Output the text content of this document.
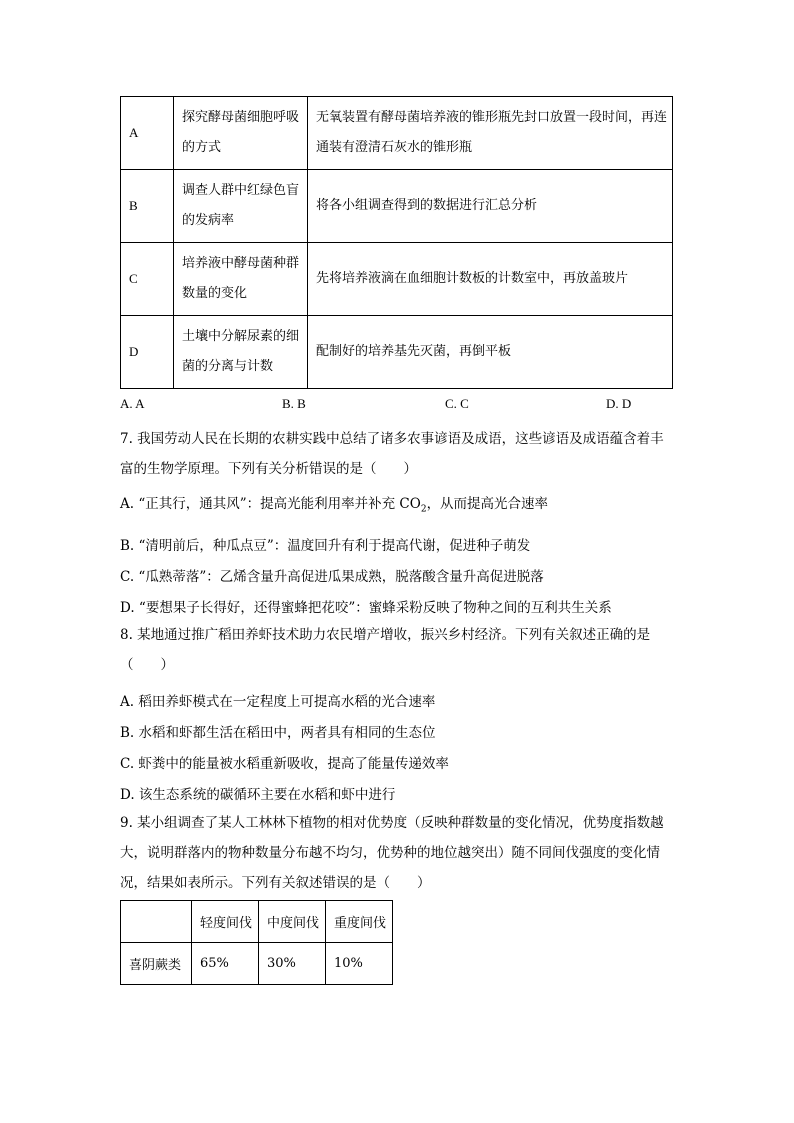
A	探究酵母菌细胞呼吸的方式	无氧装置有酵母菌培养液的锥形瓶先封口放置一段时间，再连通装有澄清石灰水的锥形瓶
B	调查人群中红绿色盲的发病率	将各小组调查得到的数据进行汇总分析
C	培养液中酵母菌种群数量的变化	先将培养液滴在血细胞计数板的计数室中，再放盖玻片
D	土壤中分解尿素的细菌的分离与计数	配制好的培养基先灭菌，再倒平板
A. A	B. B	C. C	D. D
7. 我国劳动人民在长期的农耕实践中总结了诸多农事谚语及成语，这些谚语及成语蕴含着丰富的生物学原理。下列有关分析错误的是（　　）
A. “正其行，通其风”：提高光能利用率并补充 $CO_2$，从而提高光合速率
B. “清明前后，种瓜点豆”：温度回升有利于提高代谢，促进种子萌发
C. “瓜熟蒂落”：乙烯含量升高促进瓜果成熟，脱落酸含量升高促进脱落
D. “要想果子长得好，还得蜜蜂把花咬”：蜜蜂采粉反映了物种之间的互利共生关系
8. 某地通过推广稻田养虾技术助力农民增产增收，振兴乡村经济。下列有关叙述正确的是（　　）
A. 稻田养虾模式在一定程度上可提高水稻的光合速率
B. 水稻和虾都生活在稻田中，两者具有相同的生态位
C. 虾粪中的能量被水稻重新吸收，提高了能量传递效率
D. 该生态系统的碳循环主要在水稻和虾中进行
9. 某小组调查了某人工林林下植物的相对优势度（反映种群数量的变化情况，优势度指数越大，说明群落内的物种数量分布越不均匀，优势种的地位越突出）随不同间伐强度的变化情况，结果如表所示。下列有关叙述错误的是（　　）
	轻度间伐	中度间伐	重度间伐
喜阴蕨类	65%	30%	10%
